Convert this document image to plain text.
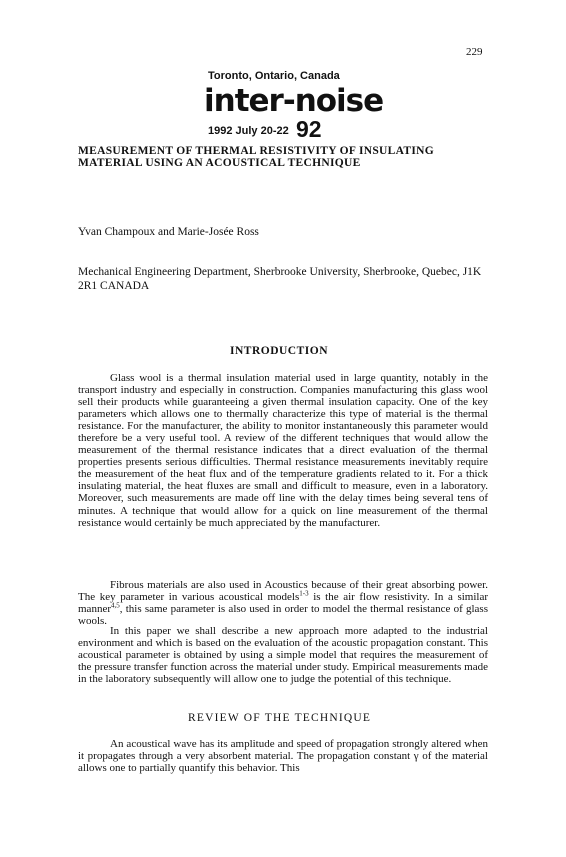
229
Toronto, Ontario, Canada
inter-noise
1992 July 20-22 92
MEASUREMENT OF THERMAL RESISTIVITY OF INSULATING MATERIAL USING AN ACOUSTICAL TECHNIQUE
Yvan Champoux and Marie-Josée Ross
Mechanical Engineering Department, Sherbrooke University, Sherbrooke, Quebec, J1K 2R1 CANADA
INTRODUCTION

Glass wool is a thermal insulation material used in large quantity, notably in the transport industry and especially in construction. Companies manufacturing this glass wool sell their products while guaranteeing a given thermal insulation capacity. One of the key parameters which allows one to thermally characterize this type of material is the thermal resistance. For the manufacturer, the ability to monitor instantaneously this parameter would therefore be a very useful tool. A review of the different techniques that would allow the measurement of the thermal resistance indicates that a direct evaluation of the thermal properties presents serious difficulties. Thermal resistance measurements inevitably require the measurement of the heat flux and of the temperature gradients related to it. For a thick insulating material, the heat fluxes are small and difficult to measure, even in a laboratory. Moreover, such measurements are made off line with the delay times being several tens of minutes. A technique that would allow for a quick on line measurement of the thermal resistance would certainly be much appreciated by the manufacturer.

Fibrous materials are also used in Acoustics because of their great absorbing power. The key parameter in various acoustical models$^{1-3}$ is the air flow resistivity. In a similar manner$^{4,5}$, this same parameter is also used in order to model the thermal resistance of glass wools.

In this paper we shall describe a new approach more adapted to the industrial environment and which is based on the evaluation of the acoustic propagation constant. This acoustical parameter is obtained by using a simple model that requires the measurement of the pressure transfer function across the material under study. Empirical measurements made in the laboratory subsequently will allow one to judge the potential of this technique.

REVIEW OF THE TECHNIQUE

An acoustical wave has its amplitude and speed of propagation strongly altered when it propagates through a very absorbent material. The propagation constant γ of the material allows one to partially quantify this behavior. This
